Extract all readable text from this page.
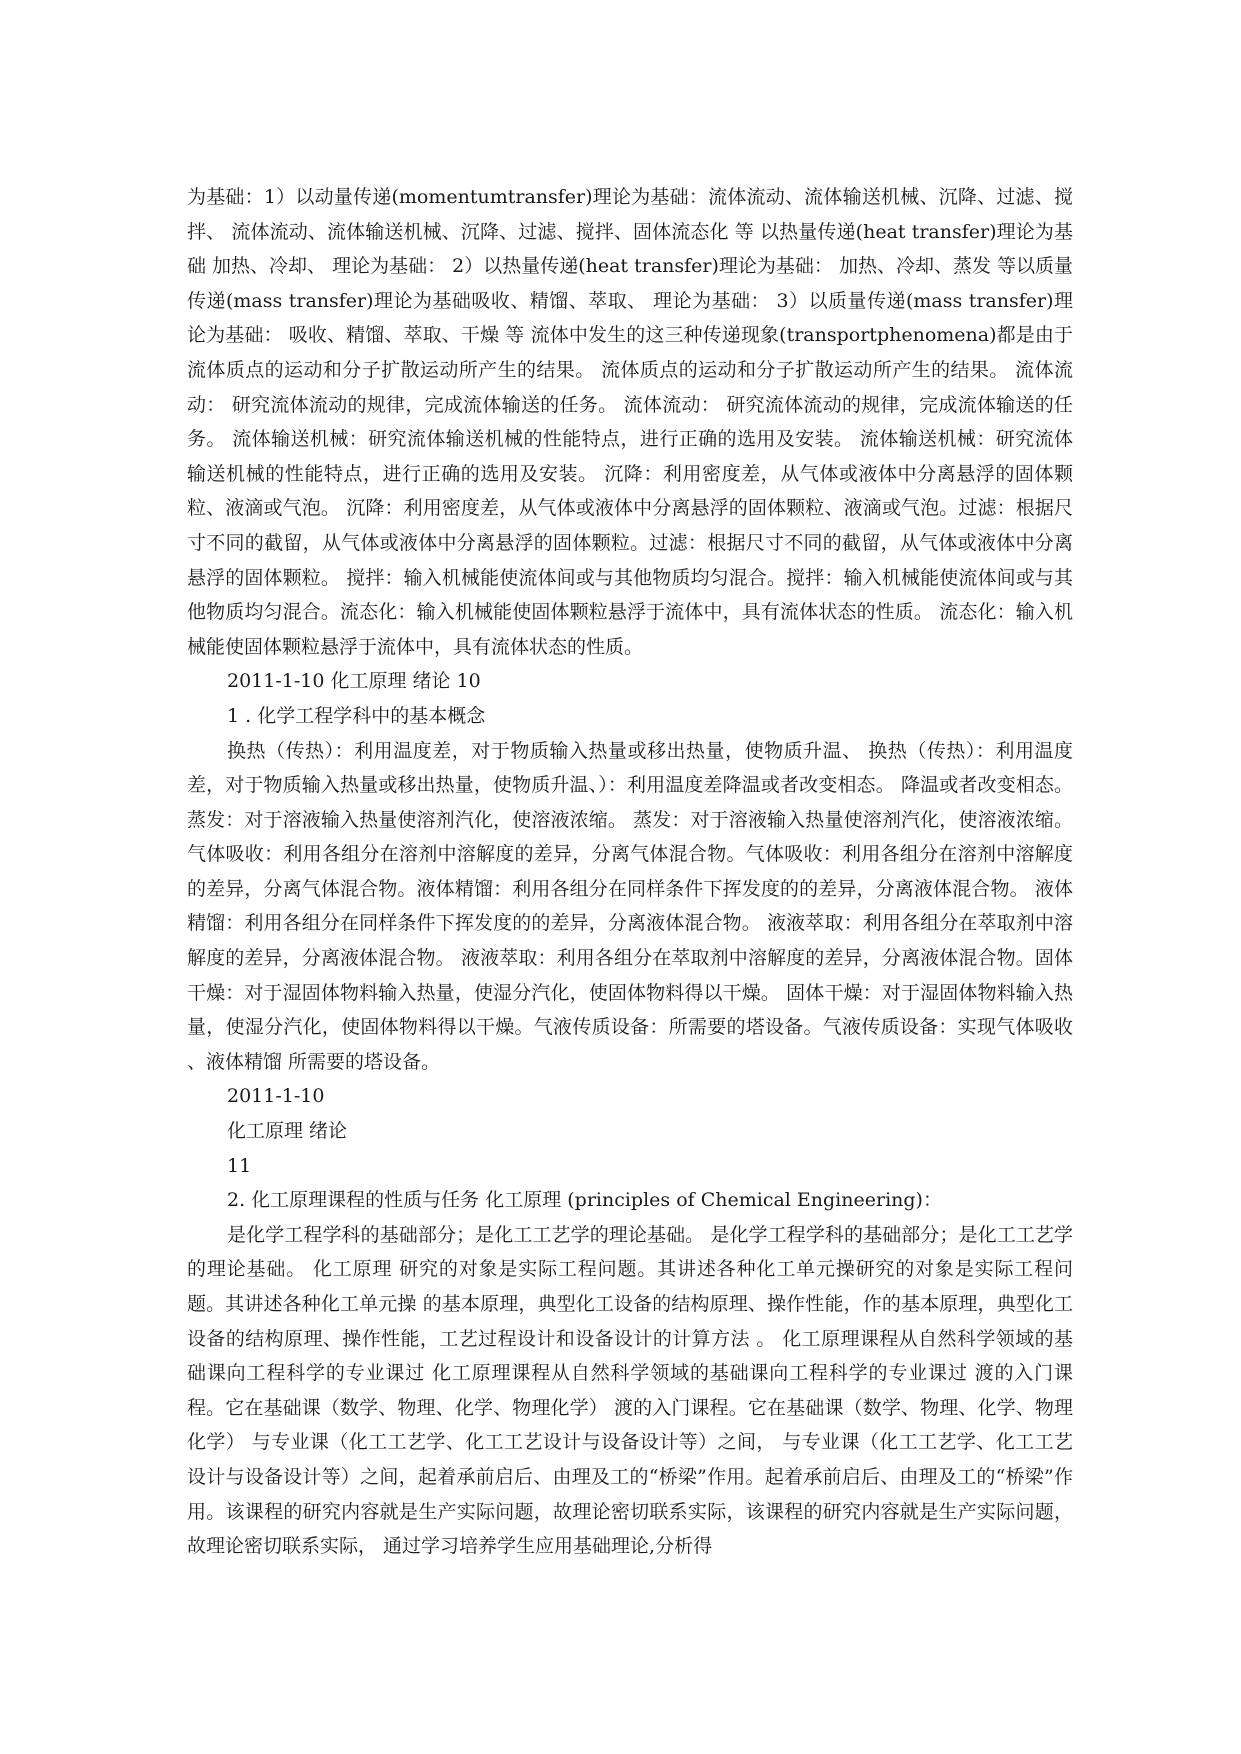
为基础：1）以动量传递(momentumtransfer)理论为基础：流体流动、流体输送机械、沉降、过滤、搅拌、 流体流动、流体输送机械、沉降、过滤、搅拌、固体流态化 等 以热量传递(heat transfer)理论为基础 加热、冷却、 理论为基础： 2）以热量传递(heat transfer)理论为基础： 加热、冷却、蒸发 等以质量传递(mass transfer)理论为基础吸收、精馏、萃取、 理论为基础： 3）以质量传递(mass transfer)理论为基础： 吸收、精馏、萃取、干燥 等 流体中发生的这三种传递现象(transportphenomena)都是由于流体质点的运动和分子扩散运动所产生的结果。 流体质点的运动和分子扩散运动所产生的结果。 流体流动： 研究流体流动的规律，完成流体输送的任务。 流体流动： 研究流体流动的规律，完成流体输送的任务。 流体输送机械：研究流体输送机械的性能特点，进行正确的选用及安装。 流体输送机械：研究流体输送机械的性能特点，进行正确的选用及安装。 沉降：利用密度差，从气体或液体中分离悬浮的固体颗粒、液滴或气泡。 沉降：利用密度差，从气体或液体中分离悬浮的固体颗粒、液滴或气泡。过滤：根据尺寸不同的截留，从气体或液体中分离悬浮的固体颗粒。过滤：根据尺寸不同的截留，从气体或液体中分离悬浮的固体颗粒。 搅拌：输入机械能使流体间或与其他物质均匀混合。搅拌：输入机械能使流体间或与其他物质均匀混合。流态化：输入机械能使固体颗粒悬浮于流体中，具有流体状态的性质。 流态化：输入机械能使固体颗粒悬浮于流体中，具有流体状态的性质。

2011-1-10 化工原理 绪论 10

1 . 化学工程学科中的基本概念

换热（传热）：利用温度差，对于物质输入热量或移出热量，使物质升温、 换热（传热）：利用温度差，对于物质输入热量或移出热量，使物质升温、）：利用温度差降温或者改变相态。 降温或者改变相态。 蒸发：对于溶液输入热量使溶剂汽化，使溶液浓缩。 蒸发：对于溶液输入热量使溶剂汽化，使溶液浓缩。 气体吸收：利用各组分在溶剂中溶解度的差异，分离气体混合物。气体吸收：利用各组分在溶剂中溶解度的差异，分离气体混合物。液体精馏：利用各组分在同样条件下挥发度的的差异，分离液体混合物。 液体精馏：利用各组分在同样条件下挥发度的的差异，分离液体混合物。 液液萃取：利用各组分在萃取剂中溶解度的差异，分离液体混合物。 液液萃取：利用各组分在萃取剂中溶解度的差异，分离液体混合物。固体干燥：对于湿固体物料输入热量，使湿分汽化，使固体物料得以干燥。 固体干燥：对于湿固体物料输入热量，使湿分汽化，使固体物料得以干燥。气液传质设备：所需要的塔设备。气液传质设备：实现气体吸收 、液体精馏 所需要的塔设备。

2011-1-10

化工原理 绪论

11

2. 化工原理课程的性质与任务 化工原理 (principles of Chemical Engineering)：

是化学工程学科的基础部分；是化工工艺学的理论基础。 是化学工程学科的基础部分；是化工工艺学的理论基础。 化工原理 研究的对象是实际工程问题。其讲述各种化工单元操研究的对象是实际工程问题。其讲述各种化工单元操 的基本原理，典型化工设备的结构原理、操作性能，作的基本原理，典型化工设备的结构原理、操作性能，工艺过程设计和设备设计的计算方法 。 化工原理课程从自然科学领域的基础课向工程科学的专业课过 化工原理课程从自然科学领域的基础课向工程科学的专业课过 渡的入门课程。它在基础课（数学、物理、化学、物理化学） 渡的入门课程。它在基础课（数学、物理、化学、物理化学） 与专业课（化工工艺学、化工工艺设计与设备设计等）之间， 与专业课（化工工艺学、化工工艺设计与设备设计等）之间，起着承前启后、由理及工的“桥梁”作用。起着承前启后、由理及工的“桥梁”作用。该课程的研究内容就是生产实际问题，故理论密切联系实际，该课程的研究内容就是生产实际问题，故理论密切联系实际， 通过学习培养学生应用基础理论,分析得
